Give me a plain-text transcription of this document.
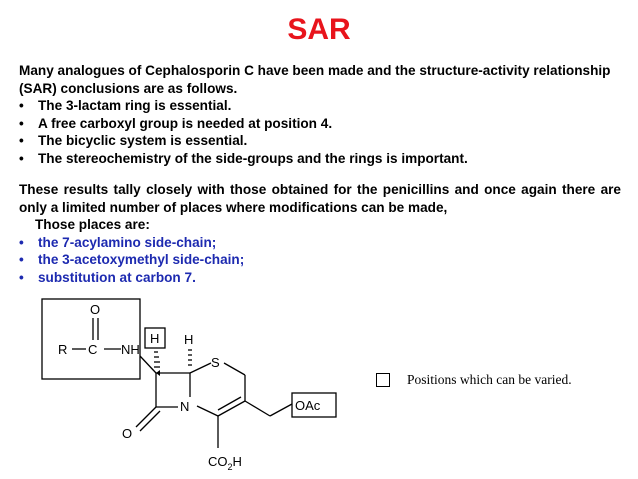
SAR
Many analogues of Cephalosporin C have been made and the structure-activity relationship (SAR) conclusions are as follows.
• The 3-lactam ring is essential.
• A free carboxyl group is needed at position 4.
• The bicyclic system is essential.
• The stereochemistry of the side-groups and the rings is important.
These results tally closely with those obtained for the penicillins and once again there are only a limited number of places where modifications can be made,
Those places are:
• the 7-acylamino side-chain;
• the 3-acetoxymethyl side-chain;
• substitution at carbon 7.
O
R C NH
H H
S
N
O
OAc
$CO_2H$
Positions which can be varied.
